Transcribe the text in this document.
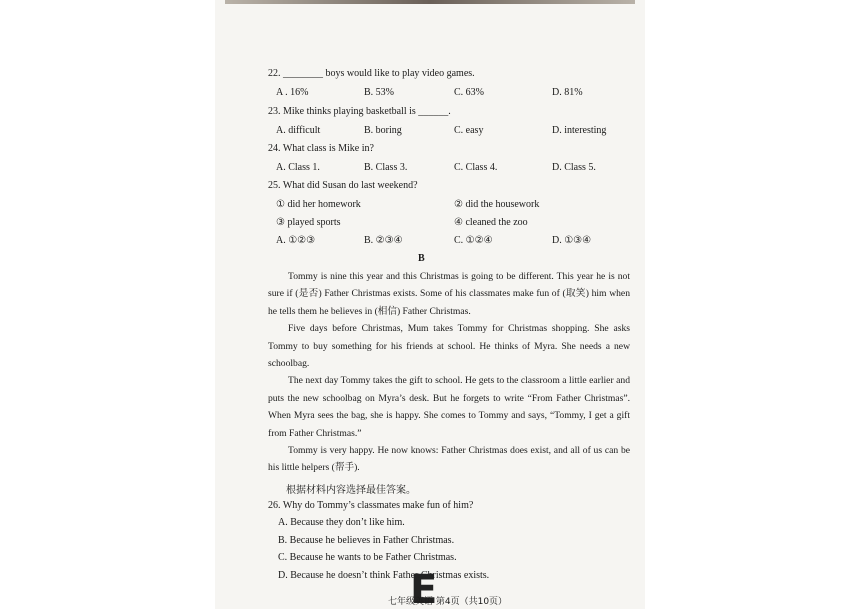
22. ________ boys would like to play video games.
A . 16%	B. 53%	C. 63%	D. 81%
23. Mike thinks playing basketball is ______.
A. difficult	B. boring	C. easy	D. interesting
24. What class is Mike in?
A. Class 1.	B. Class 3.	C. Class 4.	D. Class 5.
25. What did Susan do last weekend?
① did her homework	② did the housework
③ played sports	④ cleaned the zoo
A. ①②③	B. ②③④	C. ①②④	D. ①③④
B

Tommy is nine this year and this Christmas is going to be different. This year he is not sure if (是否) Father Christmas exists. Some of his classmates make fun of (取笑) him when he tells them he believes in (相信) Father Christmas.

Five days before Christmas, Mum takes Tommy for Christmas shopping. She asks Tommy to buy something for his friends at school. He thinks of Myra. She needs a new schoolbag.

The next day Tommy takes the gift to school. He gets to the classroom a little earlier and puts the new schoolbag on Myra’s desk. But he forgets to write “From Father Christmas”. When Myra sees the bag, she is happy. She comes to Tommy and says, “Tommy, I get a gift from Father Christmas.”

Tommy is very happy. He now knows: Father Christmas does exist, and all of us can be his little helpers (帮手).

根据材料内容选择最佳答案。
26. Why do Tommy’s classmates make fun of him?
A. Because they don’t like him.
B. Because he believes in Father Christmas.
C. Because he wants to be Father Christmas.
D. Because he doesn’t think Father Christmas exists.
E
七年级英语 第4页（共10页）
